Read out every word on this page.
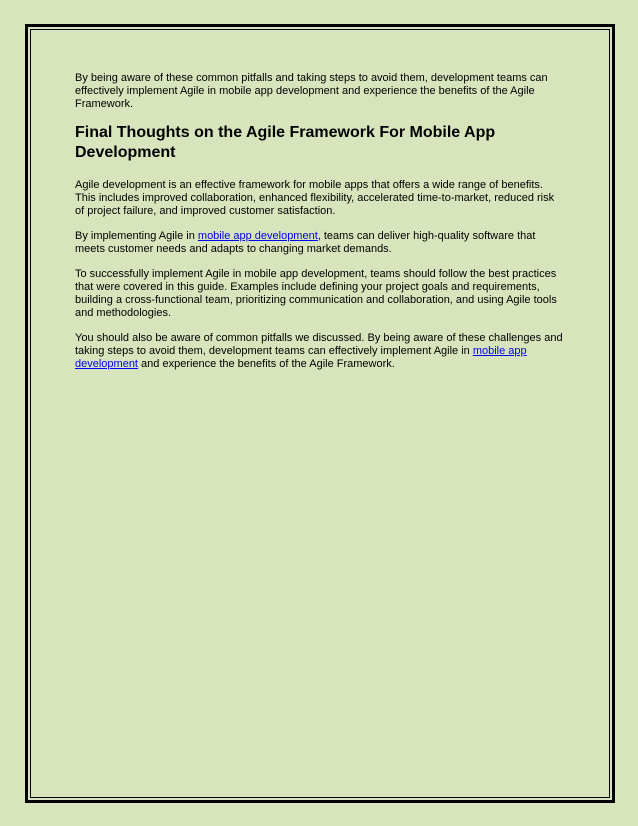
By being aware of these common pitfalls and taking steps to avoid them, development teams can effectively implement Agile in mobile app development and experience the benefits of the Agile Framework.

Final Thoughts on the Agile Framework For Mobile App Development

Agile development is an effective framework for mobile apps that offers a wide range of benefits. This includes improved collaboration, enhanced flexibility, accelerated time-to-market, reduced risk of project failure, and improved customer satisfaction.

By implementing Agile in mobile app development, teams can deliver high-quality software that meets customer needs and adapts to changing market demands.

To successfully implement Agile in mobile app development, teams should follow the best practices that were covered in this guide. Examples include defining your project goals and requirements, building a cross-functional team, prioritizing communication and collaboration, and using Agile tools and methodologies.

You should also be aware of common pitfalls we discussed. By being aware of these challenges and taking steps to avoid them, development teams can effectively implement Agile in mobile app development and experience the benefits of the Agile Framework.
